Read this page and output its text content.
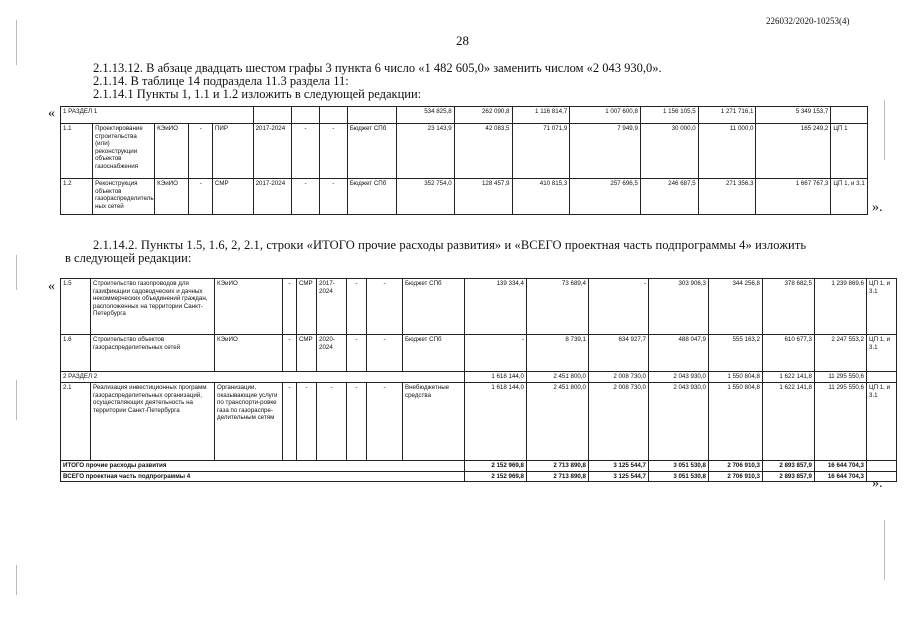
226032/2020-10253(4)
28
2.1.13.12. В абзаце двадцать шестом графы 3 пункта 6 число «1 482 605,0» заменить числом «2 043 930,0».
2.1.14. В таблице 14 подраздела 11.3 раздела 11:
2.1.14.1 Пункты 1, 1.1 и 1.2 изложить в следующей редакции:
« 1 РАЗДЕЛ 1									534 825,8	262 090,8	1 116 814,7	1 007 600,8	1 156 105,5	1 271 716,1	5 349 153,7	
1.1	Проектирование строительства (или) реконструкции объектов газоснабжения	КЭиИО	-	ПИР	2017-2024	-	-	Бюджет СПб	23 143,9	42 083,5	71 071,9	7 949,9	30 000,0	11 000,0	165 249,2	ЦП 1
1.2	Реконструкция объектов газораспределитель ных сетей	КЭиИО	-	СМР	2017-2024	-	-	Бюджет СПб	352 754,0	128 457,9	410 815,3	257 696,5	246 687,5	271 356,3	1 667 767,3	ЦП 1, и 3.1
».
2.1.14.2. Пункты 1.5, 1.6, 2, 2.1, строки «ИТОГО прочие расходы развития» и «ВСЕГО проектная часть подпрограммы 4» изложить
в следующей редакции:
« 1.5	Строительство газопроводов для газификации садоводческих и дачных некоммерческих объединений граждан, расположенных на территории Санкт-Петербурга	КЭиИО	-	СМР	2017-2024	-	-	Бюджет СПб	139 334,4	73 689,4	-	303 906,3	344 256,8	378 682,5	1 239 869,6	ЦП 1, и 3.1
1.6	Строительство объектов газораспределительных сетей	КЭиИО	-	СМР	2020-2024	-	-	Бюджет СПб	-	8 739,1	634 927,7	488 047,9	555 163,2	610 677,3	2 247 553,2	ЦП 1, и 3.1
2 РАЗДЕЛ 2									1 618 144,0	2 451 800,0	2 008 730,0	2 043 930,0	1 550 804,8	1 622 141,8	11 295 550,6	
2.1	Реализация инвестиционных программ газораспределительных организаций, осуществляющих деятельность на территории Санкт-Петербурга	Организации, оказывающие услуги по транспорти-ровке газа по газораспре-делительным сетям	-	-	-	-	-	Внебюджетные средства	1 618 144,0	2 451 800,0	2 008 730,0	2 043 930,0	1 550 804,8	1 622 141,8	11 295 550,6	ЦП 1, и 3.1
ИТОГО прочие расходы развития									2 152 969,8	2 713 890,8	3 125 544,7	3 051 530,8	2 706 910,3	2 893 857,9	16 644 704,3	
ВСЕГО проектная часть подпрограммы 4									2 152 969,8	2 713 890,8	3 125 544,7	3 051 530,8	2 706 910,3	2 893 857,9	16 644 704,3	».
